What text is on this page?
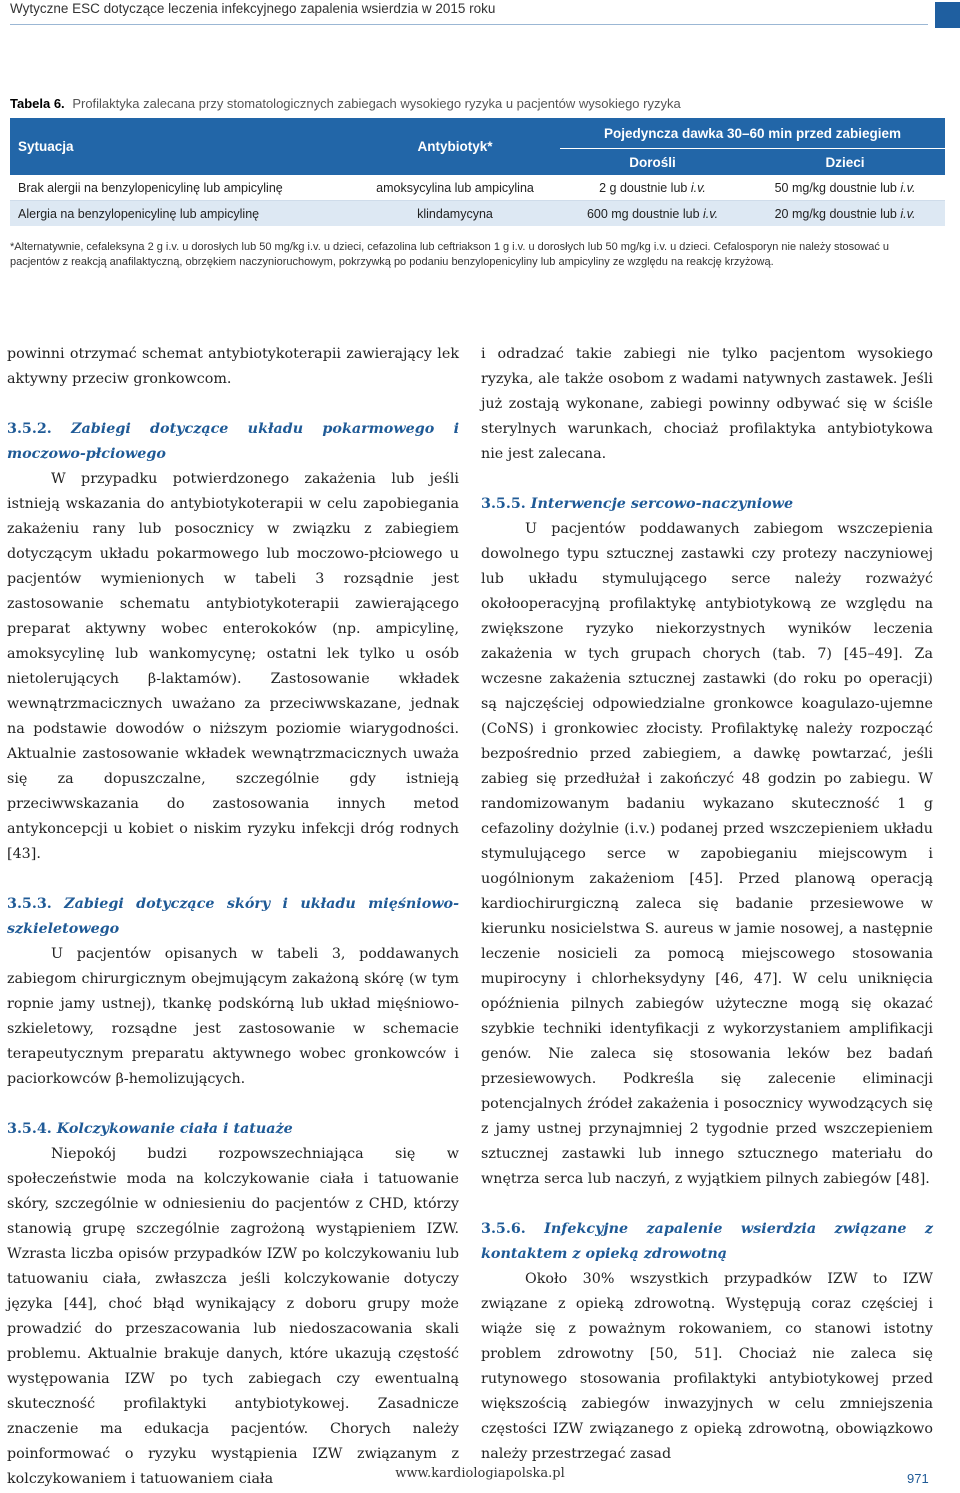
Wytyczne ESC dotyczące leczenia infekcyjnego zapalenia wsierdzia w 2015 roku
Tabela 6. Profilaktyka zalecana przy stomatologicznych zabiegach wysokiego ryzyka u pacjentów wysokiego ryzyka
Sytuacja	Antybiotyk*	Pojedyncza dawka 30–60 min przed zabiegiem	
		Dorośli	Dzieci
Brak alergii na benzylopenicylinę lub ampicylinę	amoksycylina lub ampicylina	2 g doustnie lub i.v.	50 mg/kg doustnie lub i.v.
Alergia na benzylopenicylinę lub ampicylinę	klindamycyna	600 mg doustnie lub i.v.	20 mg/kg doustnie lub i.v.
*Alternatywnie, cefaleksyna 2 g i.v. u dorosłych lub 50 mg/kg i.v. u dzieci, cefazolina lub ceftriakson 1 g i.v. u dorosłych lub 50 mg/kg i.v. u dzieci. Cefalosporyn nie należy stosować u pacjentów z reakcją anafilaktyczną, obrzękiem naczynioruchowym, pokrzywką po podaniu benzylopenicyliny lub ampicyliny ze względu na reakcję krzyżową.

powinni otrzymać schemat antybiotykoterapii zawierający lek aktywny przeciw gronkowcom.

3.5.2. Zabiegi dotyczące układu pokarmowego i moczowo-płciowego

W przypadku potwierdzonego zakażenia lub jeśli istnieją wskazania do antybiotykoterapii w celu zapobiegania zakażeniu rany lub posocznicy w związku z zabiegiem dotyczącym układu pokarmowego lub moczowo-płciowego u pacjentów wymienionych w tabeli 3 rozsądnie jest zastosowanie schematu antybiotykoterapii zawierającego preparat aktywny wobec enterokoków (np. ampicylinę, amoksycylinę lub wankomycynę; ostatni lek tylko u osób nietolerujących β-laktamów). Zastosowanie wkładek wewnątrzmacicznych uważano za przeciwwskazane, jednak na podstawie dowodów o niższym poziomie wiarygodności. Aktualnie zastosowanie wkładek wewnątrzmacicznych uważa się za dopuszczalne, szczególnie gdy istnieją przeciwwskazania do zastosowania innych metod antykoncepcji u kobiet o niskim ryzyku infekcji dróg rodnych [43].

3.5.3. Zabiegi dotyczące skóry i układu mięśniowo-szkieletowego

U pacjentów opisanych w tabeli 3, poddawanych zabiegom chirurgicznym obejmującym zakażoną skórę (w tym ropnie jamy ustnej), tkankę podskórną lub układ mięśniowo-szkieletowy, rozsądne jest zastosowanie w schemacie terapeutycznym preparatu aktywnego wobec gronkowców i paciorkowców β-hemolizujących.

3.5.4. Kolczykowanie ciała i tatuaże

Niepokój budzi rozpowszechniająca się w społeczeństwie moda na kolczykowanie ciała i tatuowanie skóry, szczególnie w odniesieniu do pacjentów z CHD, którzy stanowią grupę szczególnie zagrożoną wystąpieniem IZW. Wzrasta liczba opisów przypadków IZW po kolczykowaniu lub tatuowaniu ciała, zwłaszcza jeśli kolczykowanie dotyczy języka [44], choć błąd wynikający z doboru grupy może prowadzić do przeszacowania lub niedoszacowania skali problemu. Aktualnie brakuje danych, które ukazują częstość występowania IZW po tych zabiegach czy ewentualną skuteczność profilaktyki antybiotykowej. Zasadnicze znaczenie ma edukacja pacjentów. Chorych należy poinformować o ryzyku wystąpienia IZW związanym z kolczykowaniem i tatuowaniem ciała

i odradzać takie zabiegi nie tylko pacjentom wysokiego ryzyka, ale także osobom z wadami natywnych zastawek. Jeśli już zostają wykonane, zabiegi powinny odbywać się w ściśle sterylnych warunkach, chociaż profilaktyka antybiotykowa nie jest zalecana.

3.5.5. Interwencje sercowo-naczyniowe

U pacjentów poddawanych zabiegom wszczepienia dowolnego typu sztucznej zastawki czy protezy naczyniowej lub układu stymulującego serce należy rozważyć okołooperacyjną profilaktykę antybiotykową ze względu na zwiększone ryzyko niekorzystnych wyników leczenia zakażenia w tych grupach chorych (tab. 7) [45–49]. Za wczesne zakażenia sztucznej zastawki (do roku po operacji) są najczęściej odpowiedzialne gronkowce koagulazo-ujemne (CoNS) i gronkowiec złocisty. Profilaktykę należy rozpocząć bezpośrednio przed zabiegiem, a dawkę powtarzać, jeśli zabieg się przedłużał i zakończyć 48 godzin po zabiegu. W randomizowanym badaniu wykazano skuteczność 1 g cefazoliny dożylnie (i.v.) podanej przed wszczepieniem układu stymulującego serce w zapobieganiu miejscowym i uogólnionym zakażeniom [45]. Przed planową operacją kardiochirurgiczną zaleca się badanie przesiewowe w kierunku nosicielstwa S. aureus w jamie nosowej, a następnie leczenie nosicieli za pomocą miejscowego stosowania mupirocyny i chlorheksydyny [46, 47]. W celu uniknięcia opóźnienia pilnych zabiegów użyteczne mogą się okazać szybkie techniki identyfikacji z wykorzystaniem amplifikacji genów. Nie zaleca się stosowania leków bez badań przesiewowych. Podkreśla się zalecenie eliminacji potencjalnych źródeł zakażenia i posocznicy wywodzących się z jamy ustnej przynajmniej 2 tygodnie przed wszczepieniem sztucznej zastawki lub innego sztucznego materiału do wnętrza serca lub naczyń, z wyjątkiem pilnych zabiegów [48].

3.5.6. Infekcyjne zapalenie wsierdzia związane z kontaktem z opieką zdrowotną

Około 30% wszystkich przypadków IZW to IZW związane z opieką zdrowotną. Występują coraz częściej i wiąże się z poważnym rokowaniem, co stanowi istotny problem zdrowotny [50, 51]. Chociaż nie zaleca się rutynowego stosowania profilaktyki antybiotykowej przed większością zabiegów inwazyjnych w celu zmniejszenia częstości IZW związanego z opieką zdrowotną, obowiązkowo należy przestrzegać zasad

www.kardiologiapolska.pl	971
